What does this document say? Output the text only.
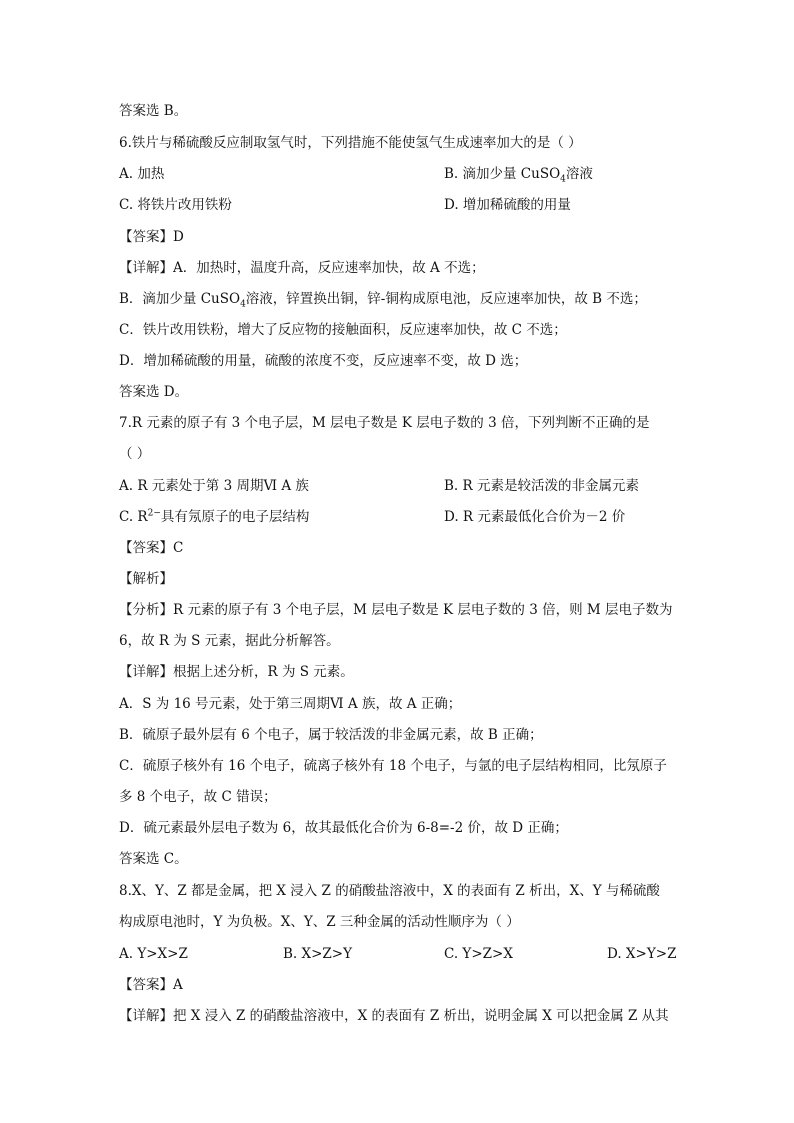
答案选 B。
6.铁片与稀硫酸反应制取氢气时，下列措施不能使氢气生成速率加大的是（ ）
A. 加热	B. 滴加少量 CuSO$_4$溶液
C. 将铁片改用铁粉	D. 增加稀硫酸的用量
【答案】D
【详解】A．加热时，温度升高，反应速率加快，故 A 不选；
B．滴加少量 CuSO$_4$溶液，锌置换出铜，锌-铜构成原电池，反应速率加快，故 B 不选；
C．铁片改用铁粉，增大了反应物的接触面积，反应速率加快，故 C 不选；
D．增加稀硫酸的用量，硫酸的浓度不变，反应速率不变，故 D 选；
答案选 D。
7.R 元素的原子有 3 个电子层，M 层电子数是 K 层电子数的 3 倍，下列判断不正确的是
（ ）
A. R 元素处于第 3 周期Ⅵ A 族	B. R 元素是较活泼的非金属元素
C. $R^{2-}$具有氖原子的电子层结构	D. R 元素最低化合价为－2 价
【答案】C
【解析】
【分析】R 元素的原子有 3 个电子层，M 层电子数是 K 层电子数的 3 倍，则 M 层电子数为
6，故 R 为 S 元素，据此分析解答。
【详解】根据上述分析，R 为 S 元素。
A．S 为 16 号元素，处于第三周期Ⅵ A 族，故 A 正确；
B．硫原子最外层有 6 个电子，属于较活泼的非金属元素，故 B 正确；
C．硫原子核外有 16 个电子，硫离子核外有 18 个电子，与氩的电子层结构相同，比氖原子
多 8 个电子，故 C 错误；
D．硫元素最外层电子数为 6，故其最低化合价为 6-8=-2 价，故 D 正确；
答案选 C。
8.X、Y、Z 都是金属，把 X 浸入 Z 的硝酸盐溶液中，X 的表面有 Z 析出，X、Y 与稀硫酸
构成原电池时，Y 为负极。X、Y、Z 三种金属的活动性顺序为（ ）
A. Y>X>Z	B. X>Z>Y	C. Y>Z>X	D. X>Y>Z
【答案】A
【详解】把 X 浸入 Z 的硝酸盐溶液中，X 的表面有 Z 析出，说明金属 X 可以把金属 Z 从其
